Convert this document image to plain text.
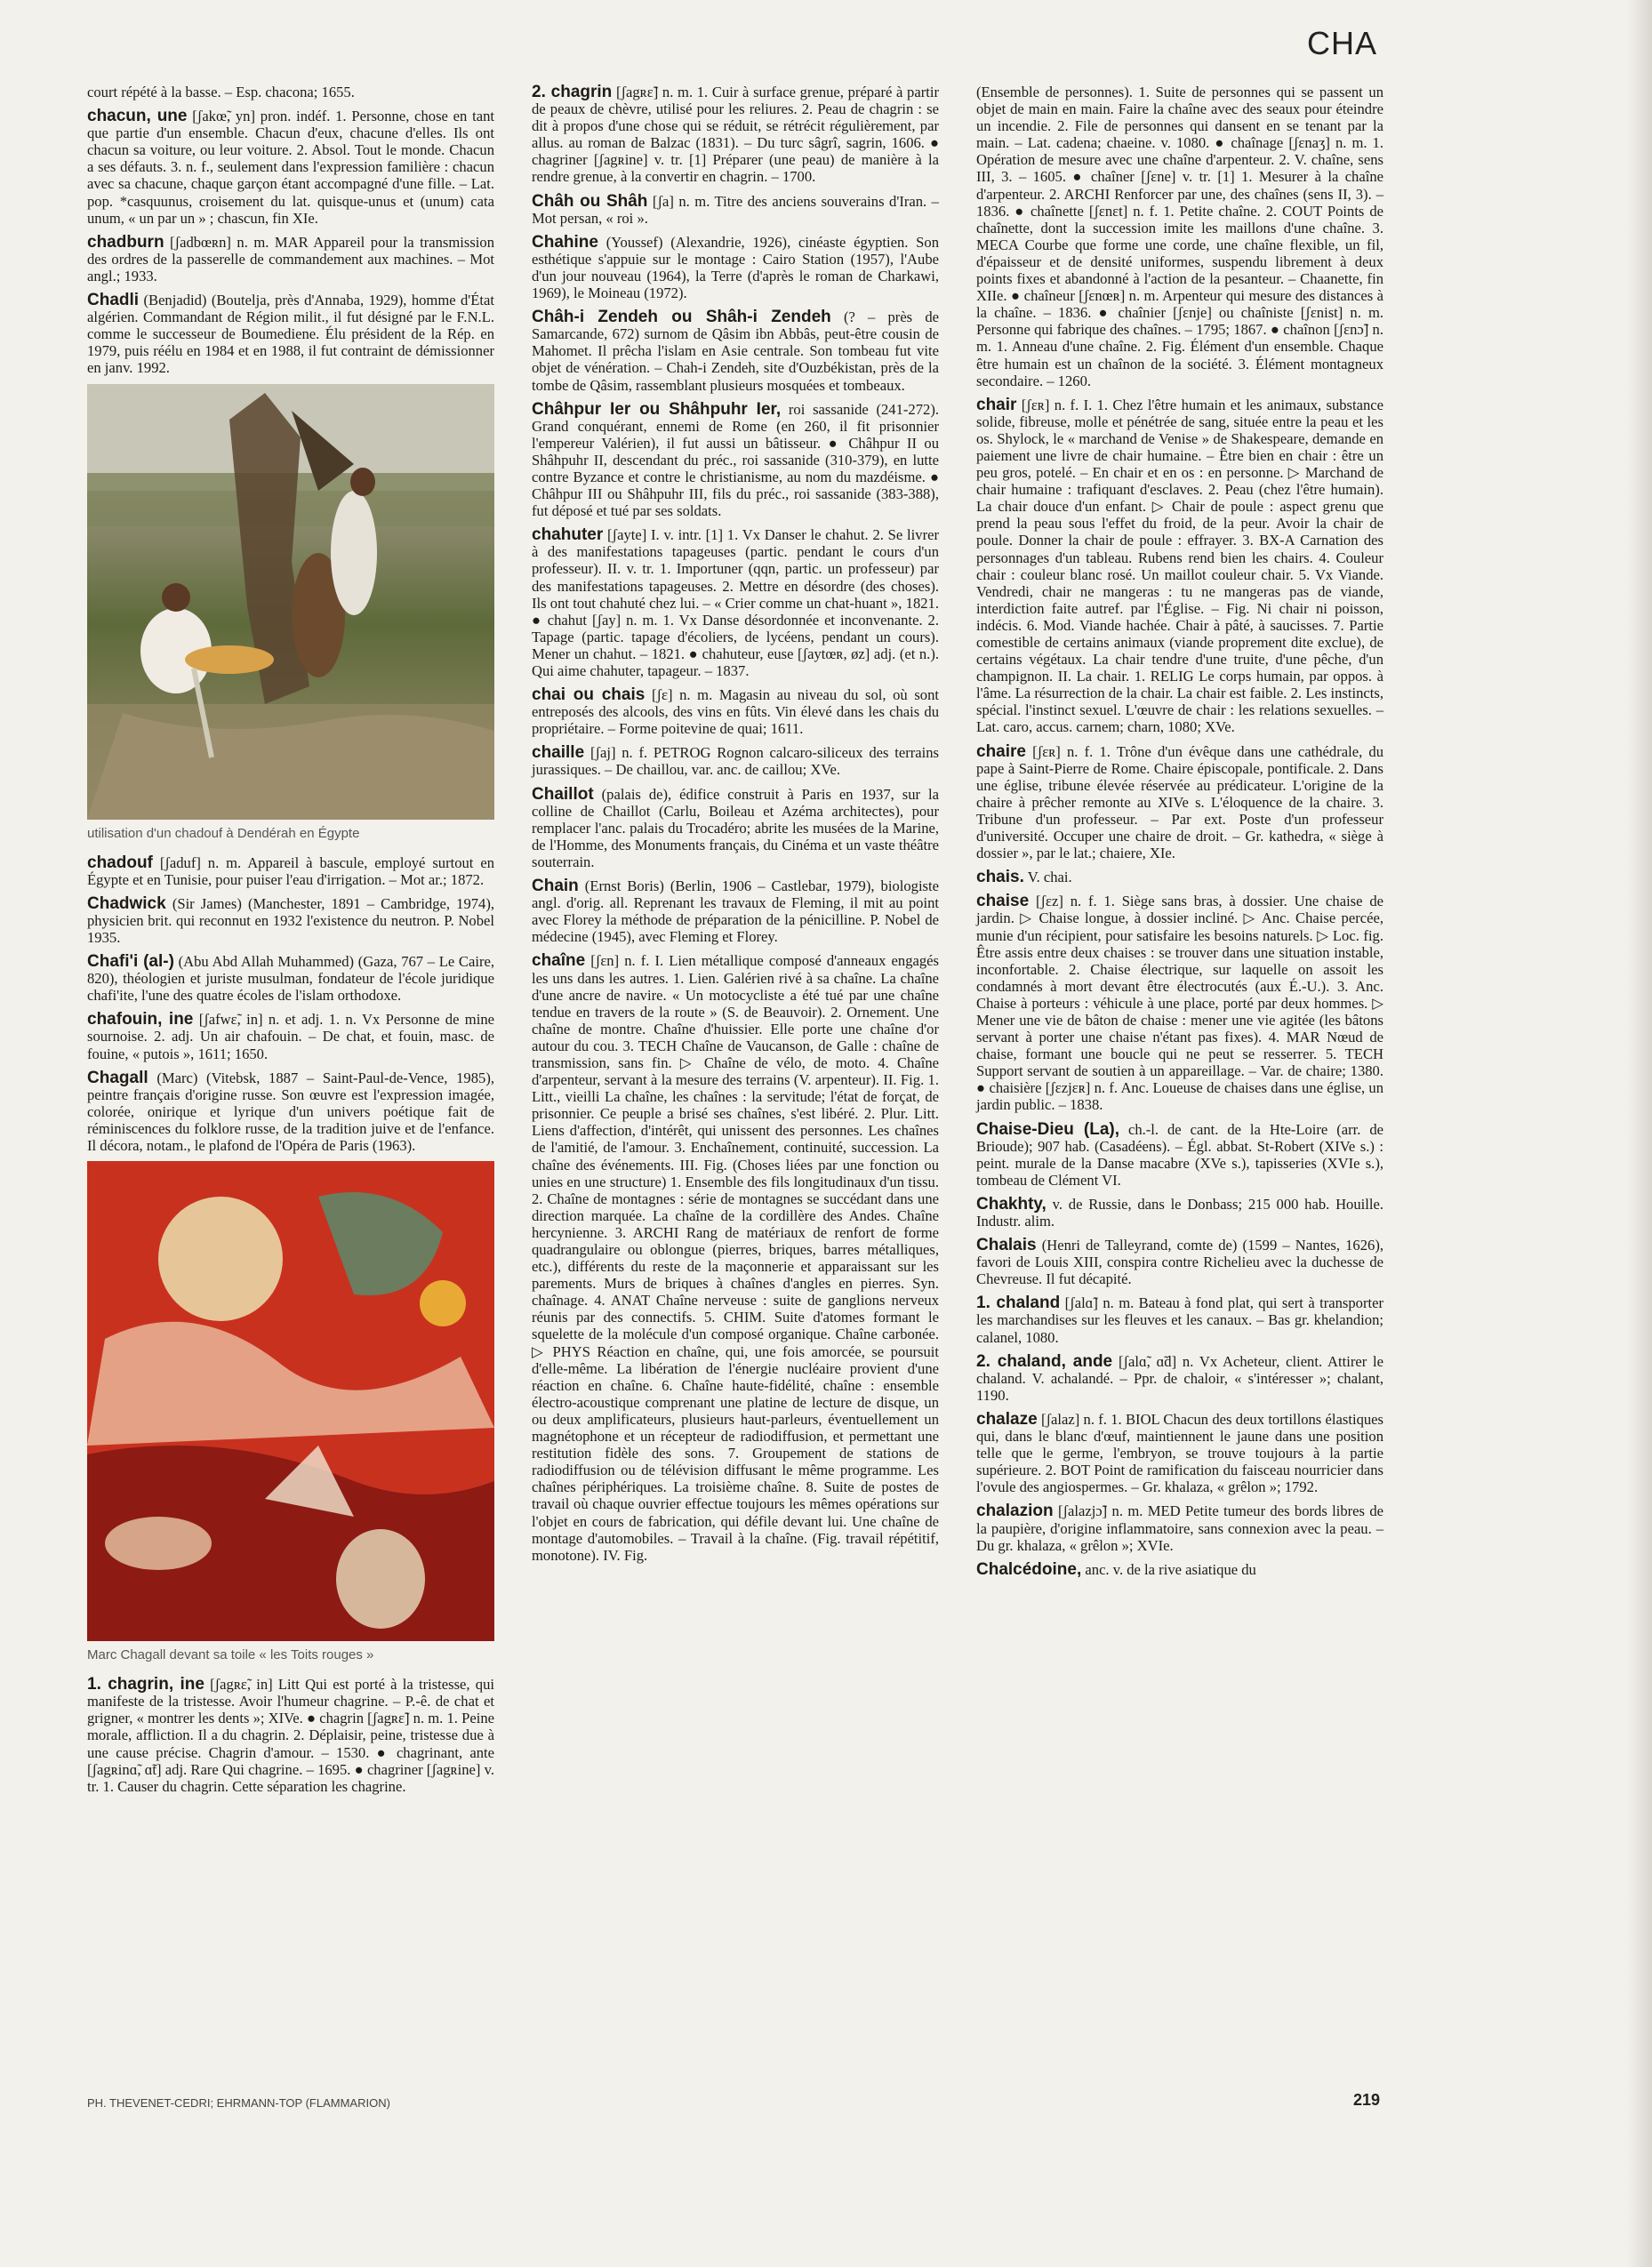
CHA
court répété à la basse. – Esp. chacona; 1655.
chacun, une [ʃakœ̃, yn] pron. indéf. 1. Personne, chose en tant que partie d'un ensemble. Chacun d'eux, chacune d'elles. Ils ont chacun sa voiture, ou leur voiture. 2. Absol. Tout le monde. Chacun a ses défauts. 3. n. f., seulement dans l'expression familière : chacun avec sa chacune, chaque garçon étant accompagné d'une fille. – Lat. pop. *casquunus, croisement du lat. quisque-unus et (unum) cata unum, « un par un » ; chascun, fin XIe.
chadburn [ʃadbœʀn] n. m. MAR Appareil pour la transmission des ordres de la passerelle de commandement aux machines. – Mot angl.; 1933.
Chadli (Benjadid) (Boutelja, près d'Annaba, 1929), homme d'État algérien. Commandant de Région milit., il fut désigné par le F.N.L. comme le successeur de Boumediene. Élu président de la Rép. en 1979, puis réélu en 1984 et en 1988, il fut contraint de démissionner en janv. 1992.
utilisation d'un chadouf à Dendérah en Égypte
chadouf [ʃaduf] n. m. Appareil à bascule, employé surtout en Égypte et en Tunisie, pour puiser l'eau d'irrigation. – Mot ar.; 1872.
Chadwick (Sir James) (Manchester, 1891 – Cambridge, 1974), physicien brit. qui reconnut en 1932 l'existence du neutron. P. Nobel 1935.
Chafi'i (al-) (Abu Abd Allah Muhammed) (Gaza, 767 – Le Caire, 820), théologien et juriste musulman, fondateur de l'école juridique chafi'ite, l'une des quatre écoles de l'islam orthodoxe.
chafouin, ine [ʃafwɛ̃, in] n. et adj. 1. n. Vx Personne de mine sournoise. 2. adj. Un air chafouin. – De chat, et fouin, masc. de fouine, « putois », 1611; 1650.
Chagall (Marc) (Vitebsk, 1887 – Saint-Paul-de-Vence, 1985), peintre français d'origine russe. Son œuvre est l'expression imagée, colorée, onirique et lyrique d'un univers poétique fait de réminiscences du folklore russe, de la tradition juive et de l'enfance. Il décora, notam., le plafond de l'Opéra de Paris (1963).
Marc Chagall devant sa toile « les Toits rouges »
1. chagrin, ine [ʃagʀɛ̃, in] Litt Qui est porté à la tristesse, qui manifeste de la tristesse. Avoir l'humeur chagrine. – P.-ê. de chat et grigner, « montrer les dents »; XIVe. ● chagrin [ʃagʀɛ̃] n. m. 1. Peine morale, affliction. Il a du chagrin. 2. Déplaisir, peine, tristesse due à une cause précise. Chagrin d'amour. – 1530. ● chagrinant, ante [ʃagʀinɑ̃, ɑ̃t] adj. Rare Qui chagrine. – 1695. ● chagriner [ʃagʀine] v. tr. 1. Causer du chagrin. Cette séparation les chagrine.
2. chagrin [ʃagʀɛ̃] n. m. 1. Cuir à surface grenue, préparé à partir de peaux de chèvre, utilisé pour les reliures. 2. Peau de chagrin : se dit à propos d'une chose qui se réduit, se rétrécit régulièrement, par allus. au roman de Balzac (1831). – Du turc sâgrî, sagrin, 1606. ● chagriner [ʃagʀine] v. tr. [1] Préparer (une peau) de manière à la rendre grenue, à la convertir en chagrin. – 1700.
Châh ou Shâh [ʃa] n. m. Titre des anciens souverains d'Iran. – Mot persan, « roi ».
Chahine (Youssef) (Alexandrie, 1926), cinéaste égyptien. Son esthétique s'appuie sur le montage : Cairo Station (1957), l'Aube d'un jour nouveau (1964), la Terre (d'après le roman de Charkawi, 1969), le Moineau (1972).
Châh-i Zendeh ou Shâh-i Zendeh (? – près de Samarcande, 672) surnom de Qâsim ibn Abbâs, peut-être cousin de Mahomet. Il prêcha l'islam en Asie centrale. Son tombeau fut vite objet de vénération. – Chah-i Zendeh, site d'Ouzbékistan, près de la tombe de Qâsim, rassemblant plusieurs mosquées et tombeaux.
Châhpur Ier ou Shâhpuhr Ier, roi sassanide (241-272). Grand conquérant, ennemi de Rome (en 260, il fit prisonnier l'empereur Valérien), il fut aussi un bâtisseur. ● Châhpur II ou Shâhpuhr II, descendant du préc., roi sassanide (310-379), en lutte contre Byzance et contre le christianisme, au nom du mazdéisme. ● Châhpur III ou Shâhpuhr III, fils du préc., roi sassanide (383-388), fut déposé et tué par ses soldats.
chahuter [ʃayte] I. v. intr. [1] 1. Vx Danser le chahut. 2. Se livrer à des manifestations tapageuses (partic. pendant le cours d'un professeur). II. v. tr. 1. Importuner (qqn, partic. un professeur) par des manifestations tapageuses. 2. Mettre en désordre (des choses). Ils ont tout chahuté chez lui. – « Crier comme un chat-huant », 1821. ● chahut [ʃay] n. m. 1. Vx Danse désordonnée et inconvenante. 2. Tapage (partic. tapage d'écoliers, de lycéens, pendant un cours). Mener un chahut. – 1821. ● chahuteur, euse [ʃaytœʀ, øz] adj. (et n.). Qui aime chahuter, tapageur. – 1837.
chai ou chais [ʃɛ] n. m. Magasin au niveau du sol, où sont entreposés des alcools, des vins en fûts. Vin élevé dans les chais du propriétaire. – Forme poitevine de quai; 1611.
chaille [ʃaj] n. f. PETROG Rognon calcaro-siliceux des terrains jurassiques. – De chaillou, var. anc. de caillou; XVe.
Chaillot (palais de), édifice construit à Paris en 1937, sur la colline de Chaillot (Carlu, Boileau et Azéma architectes), pour remplacer l'anc. palais du Trocadéro; abrite les musées de la Marine, de l'Homme, des Monuments français, du Cinéma et un vaste théâtre souterrain.
Chain (Ernst Boris) (Berlin, 1906 – Castlebar, 1979), biologiste angl. d'orig. all. Reprenant les travaux de Fleming, il mit au point avec Florey la méthode de préparation de la pénicilline. P. Nobel de médecine (1945), avec Fleming et Florey.
chaîne [ʃɛn] n. f. I. Lien métallique composé d'anneaux engagés les uns dans les autres. 1. Lien. Galérien rivé à sa chaîne. La chaîne d'une ancre de navire. « Un motocycliste a été tué par une chaîne tendue en travers de la route » (S. de Beauvoir). 2. Ornement. Une chaîne de montre. Chaîne d'huissier. Elle porte une chaîne d'or autour du cou. 3. TECH Chaîne de Vaucanson, de Galle : chaîne de transmission, sans fin. ▷ Chaîne de vélo, de moto. 4. Chaîne d'arpenteur, servant à la mesure des terrains (V. arpenteur). II. Fig. 1. Litt., vieilli La chaîne, les chaînes : la servitude; l'état de forçat, de prisonnier. Ce peuple a brisé ses chaînes, s'est libéré. 2. Plur. Litt. Liens d'affection, d'intérêt, qui unissent des personnes. Les chaînes de l'amitié, de l'amour. 3. Enchaînement, continuité, succession. La chaîne des événements. III. Fig. (Choses liées par une fonction ou unies en une structure) 1. Ensemble des fils longitudinaux d'un tissu. 2. Chaîne de montagnes : série de montagnes se succédant dans une direction marquée. La chaîne de la cordillère des Andes. Chaîne hercynienne. 3. ARCHI Rang de matériaux de renfort de forme quadrangulaire ou oblongue (pierres, briques, barres métalliques, etc.), différents du reste de la maçonnerie et apparaissant sur les parements. Murs de briques à chaînes d'angles en pierres. Syn. chaînage. 4. ANAT Chaîne nerveuse : suite de ganglions nerveux réunis par des connectifs. 5. CHIM. Suite d'atomes formant le squelette de la molécule d'un composé organique. Chaîne carbonée. ▷ PHYS Réaction en chaîne, qui, une fois amorcée, se poursuit d'elle-même. La libération de l'énergie nucléaire provient d'une réaction en chaîne. 6. Chaîne haute-fidélité, chaîne : ensemble électro-acoustique comprenant une platine de lecture de disque, un ou deux amplificateurs, plusieurs haut-parleurs, éventuellement un magnétophone et un récepteur de radiodiffusion, et permettant une restitution fidèle des sons. 7. Groupement de stations de radiodiffusion ou de télévision diffusant le même programme. Les chaînes périphériques. La troisième chaîne. 8. Suite de postes de travail où chaque ouvrier effectue toujours les mêmes opérations sur l'objet en cours de fabrication, qui défile devant lui. Une chaîne de montage d'automobiles. – Travail à la chaîne. (Fig. travail répétitif, monotone). IV. Fig.
(Ensemble de personnes). 1. Suite de personnes qui se passent un objet de main en main. Faire la chaîne avec des seaux pour éteindre un incendie. 2. File de personnes qui dansent en se tenant par la main. – Lat. cadena; chaeine. v. 1080. ● chaînage [ʃɛnaʒ] n. m. 1. Opération de mesure avec une chaîne d'arpenteur. 2. V. chaîne, sens III, 3. – 1605. ● chaîner [ʃɛne] v. tr. [1] 1. Mesurer à la chaîne d'arpenteur. 2. ARCHI Renforcer par une, des chaînes (sens II, 3). – 1836. ● chaînette [ʃɛnɛt] n. f. 1. Petite chaîne. 2. COUT Points de chaînette, dont la succession imite les maillons d'une chaîne. 3. MECA Courbe que forme une corde, une chaîne flexible, un fil, d'épaisseur et de densité uniformes, suspendu librement à deux points fixes et abandonné à l'action de la pesanteur. – Chaanette, fin XIIe. ● chaîneur [ʃɛnœʀ] n. m. Arpenteur qui mesure des distances à la chaîne. – 1836. ● chaînier [ʃɛnje] ou chaîniste [ʃɛnist] n. m. Personne qui fabrique des chaînes. – 1795; 1867. ● chaînon [ʃɛnɔ̃] n. m. 1. Anneau d'une chaîne. 2. Fig. Élément d'un ensemble. Chaque être humain est un chaînon de la société. 3. Élément montagneux secondaire. – 1260.
chair [ʃɛʀ] n. f. I. 1. Chez l'être humain et les animaux, substance solide, fibreuse, molle et pénétrée de sang, située entre la peau et les os. Shylock, le « marchand de Venise » de Shakespeare, demande en paiement une livre de chair humaine. – Être bien en chair : être un peu gros, potelé. – En chair et en os : en personne. ▷ Marchand de chair humaine : trafiquant d'esclaves. 2. Peau (chez l'être humain). La chair douce d'un enfant. ▷ Chair de poule : aspect grenu que prend la peau sous l'effet du froid, de la peur. Avoir la chair de poule. Donner la chair de poule : effrayer. 3. BX-A Carnation des personnages d'un tableau. Rubens rend bien les chairs. 4. Couleur chair : couleur blanc rosé. Un maillot couleur chair. 5. Vx Viande. Vendredi, chair ne mangeras : tu ne mangeras pas de viande, interdiction faite autref. par l'Église. – Fig. Ni chair ni poisson, indécis. 6. Mod. Viande hachée. Chair à pâté, à saucisses. 7. Partie comestible de certains animaux (viande proprement dite exclue), de certains végétaux. La chair tendre d'une truite, d'une pêche, d'un champignon. II. La chair. 1. RELIG Le corps humain, par oppos. à l'âme. La résurrection de la chair. La chair est faible. 2. Les instincts, spécial. l'instinct sexuel. L'œuvre de chair : les relations sexuelles. – Lat. caro, accus. carnem; charn, 1080; XVe.
chaire [ʃɛʀ] n. f. 1. Trône d'un évêque dans une cathédrale, du pape à Saint-Pierre de Rome. Chaire épiscopale, pontificale. 2. Dans une église, tribune élevée réservée au prédicateur. L'origine de la chaire à prêcher remonte au XIVe s. L'éloquence de la chaire. 3. Tribune d'un professeur. – Par ext. Poste d'un professeur d'université. Occuper une chaire de droit. – Gr. kathedra, « siège à dossier », par le lat.; chaiere, XIe.
chais. V. chai.
chaise [ʃɛz] n. f. 1. Siège sans bras, à dossier. Une chaise de jardin. ▷ Chaise longue, à dossier incliné. ▷ Anc. Chaise percée, munie d'un récipient, pour satisfaire les besoins naturels. ▷ Loc. fig. Être assis entre deux chaises : se trouver dans une situation instable, inconfortable. 2. Chaise électrique, sur laquelle on assoit les condamnés à mort devant être électrocutés (aux É.-U.). 3. Anc. Chaise à porteurs : véhicule à une place, porté par deux hommes. ▷ Mener une vie de bâton de chaise : mener une vie agitée (les bâtons servant à porter une chaise n'étant pas fixes). 4. MAR Nœud de chaise, formant une boucle qui ne peut se resserrer. 5. TECH Support servant de soutien à un appareillage. – Var. de chaire; 1380. ● chaisière [ʃɛzjɛʀ] n. f. Anc. Loueuse de chaises dans une église, un jardin public. – 1838.
Chaise-Dieu (La), ch.-l. de cant. de la Hte-Loire (arr. de Brioude); 907 hab. (Casadéens). – Égl. abbat. St-Robert (XIVe s.) : peint. murale de la Danse macabre (XVe s.), tapisseries (XVIe s.), tombeau de Clément VI.
Chakhty, v. de Russie, dans le Donbass; 215 000 hab. Houille. Industr. alim.
Chalais (Henri de Talleyrand, comte de) (1599 – Nantes, 1626), favori de Louis XIII, conspira contre Richelieu avec la duchesse de Chevreuse. Il fut décapité.
1. chaland [ʃalɑ̃] n. m. Bateau à fond plat, qui sert à transporter les marchandises sur les fleuves et les canaux. – Bas gr. khelandion; calanel, 1080.
2. chaland, ande [ʃalɑ̃, ɑ̃d] n. Vx Acheteur, client. Attirer le chaland. V. achalandé. – Ppr. de chaloir, « s'intéresser »; chalant, 1190.
chalaze [ʃalaz] n. f. 1. BIOL Chacun des deux tortillons élastiques qui, dans le blanc d'œuf, maintiennent le jaune dans une position telle que le germe, l'embryon, se trouve toujours à la partie supérieure. 2. BOT Point de ramification du faisceau nourricier dans l'ovule des angiospermes. – Gr. khalaza, « grêlon »; 1792.
chalazion [ʃalazjɔ̃] n. m. MED Petite tumeur des bords libres de la paupière, d'origine inflammatoire, sans connexion avec la peau. – Du gr. khalaza, « grêlon »; XVIe.
Chalcédoine, anc. v. de la rive asiatique du
PH. THEVENET-CEDRI; EHRMANN-TOP (FLAMMARION)	219
